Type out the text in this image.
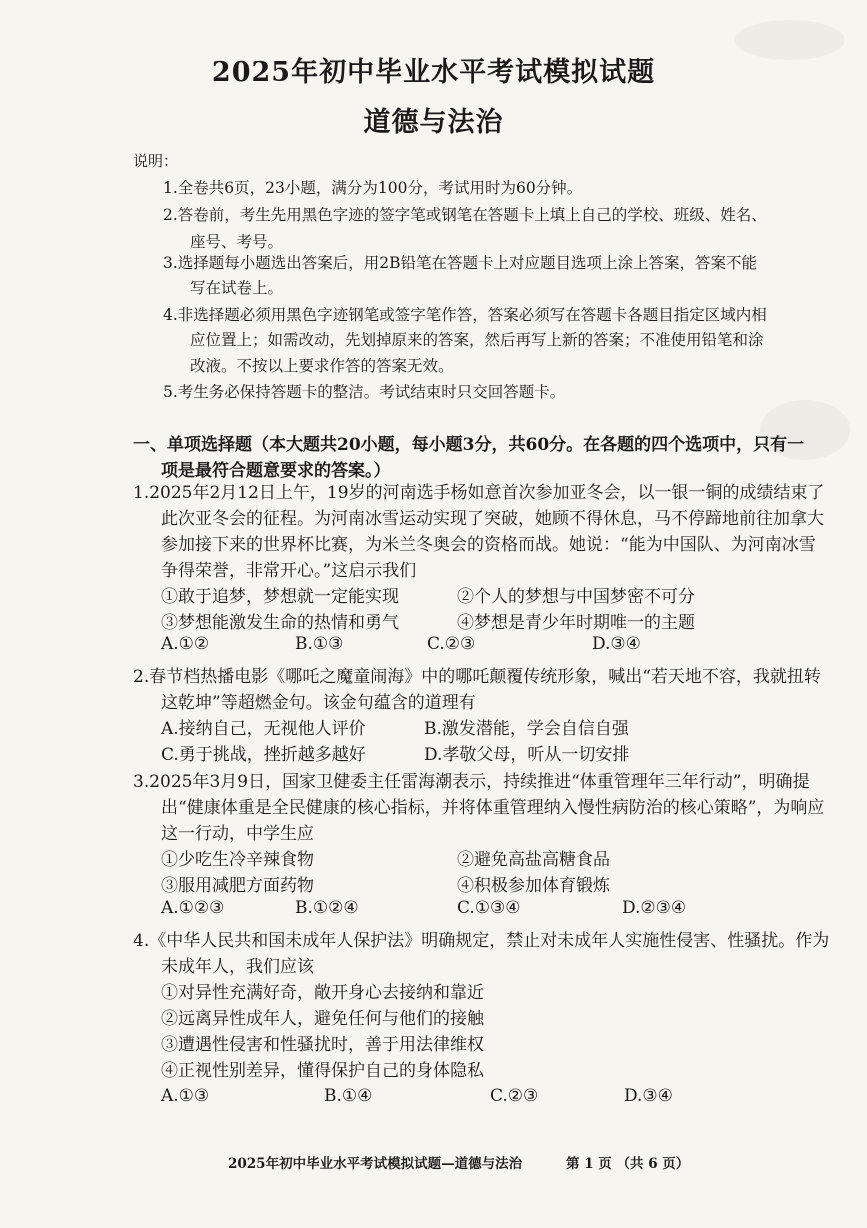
2025年初中毕业水平考试模拟试题
道德与法治
说明：
1.全卷共6页，23小题，满分为100分，考试用时为60分钟。
2.答卷前，考生先用黑色字迹的签字笔或钢笔在答题卡上填上自己的学校、班级、姓名、
座号、考号。
3.选择题每小题选出答案后，用2B铅笔在答题卡上对应题目选项上涂上答案，答案不能
写在试卷上。
4.非选择题必须用黑色字迹钢笔或签字笔作答，答案必须写在答题卡各题目指定区域内相
应位置上；如需改动，先划掉原来的答案，然后再写上新的答案；不准使用铅笔和涂
改液。不按以上要求作答的答案无效。
5.考生务必保持答题卡的整洁。考试结束时只交回答题卡。
一、单项选择题（本大题共20小题，每小题3分，共60分。在各题的四个选项中，只有一
项是最符合题意要求的答案。）
1.2025年2月12日上午，19岁的河南选手杨如意首次参加亚冬会，以一银一铜的成绩结束了
此次亚冬会的征程。为河南冰雪运动实现了突破，她顾不得休息，马不停蹄地前往加拿大
参加接下来的世界杯比赛，为米兰冬奥会的资格而战。她说：“能为中国队、为河南冰雪
争得荣誉，非常开心。”这启示我们
①敢于追梦，梦想就一定能实现	②个人的梦想与中国梦密不可分
③梦想能激发生命的热情和勇气	④梦想是青少年时期唯一的主题
A.①②	B.①③	C.②③	D.③④
2.春节档热播电影《哪吒之魔童闹海》中的哪吒颠覆传统形象，喊出“若天地不容，我就扭转
这乾坤”等超燃金句。该金句蕴含的道理有
A.接纳自己，无视他人评价	B.激发潜能，学会自信自强
C.勇于挑战，挫折越多越好	D.孝敬父母，听从一切安排
3.2025年3月9日，国家卫健委主任雷海潮表示，持续推进“体重管理年三年行动”，明确提
出“健康体重是全民健康的核心指标，并将体重管理纳入慢性病防治的核心策略”，为响应
这一行动，中学生应
①少吃生冷辛辣食物	②避免高盐高糖食品
③服用减肥方面药物	④积极参加体育锻炼
A.①②③	B.①②④	C.①③④	D.②③④
4.《中华人民共和国未成年人保护法》明确规定，禁止对未成年人实施性侵害、性骚扰。作为
未成年人，我们应该
①对异性充满好奇，敞开身心去接纳和靠近
②远离异性成年人，避免任何与他们的接触
③遭遇性侵害和性骚扰时，善于用法律维权
④正视性别差异，懂得保护自己的身体隐私
A.①③	B.①④	C.②③	D.③④
2025年初中毕业水平考试模拟试题—道德与法治	第 1 页 （共 6 页）
